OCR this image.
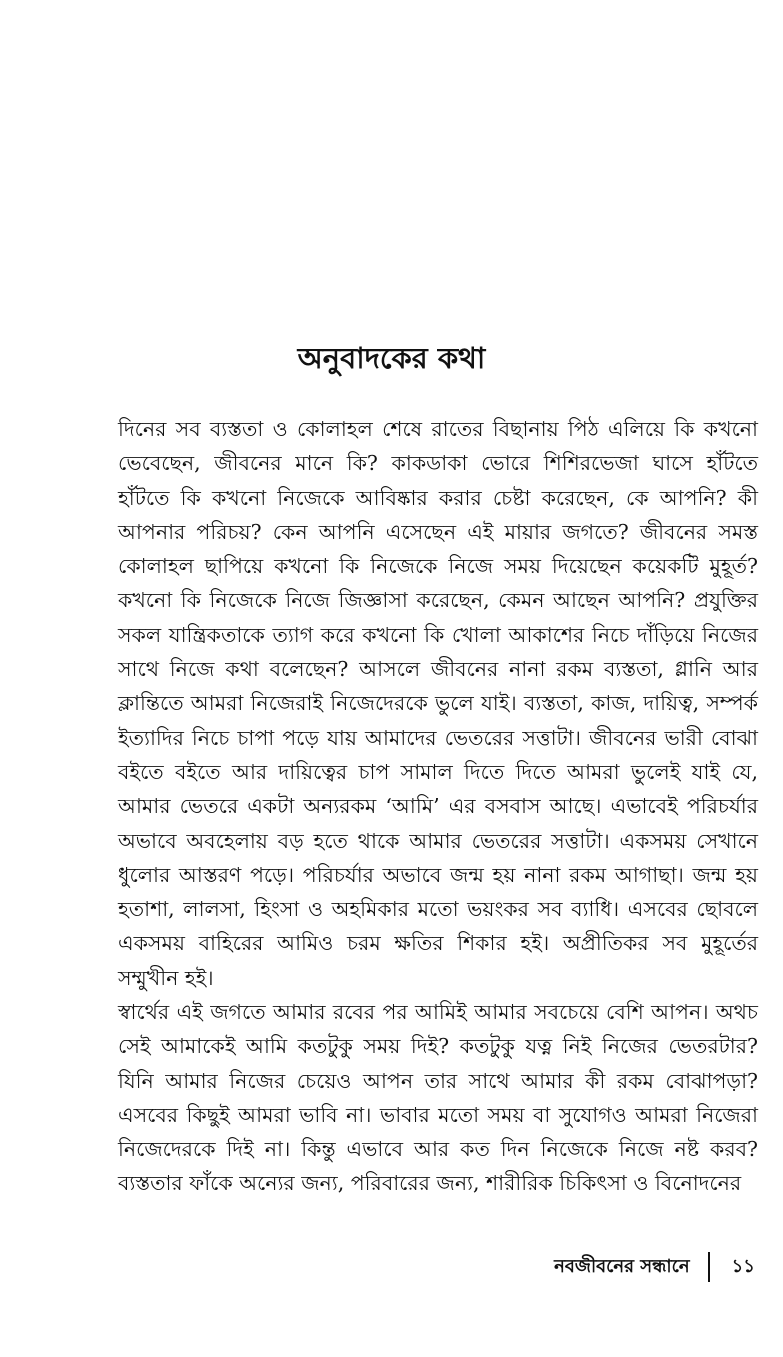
অনুবাদকের কথা

দিনের সব ব্যস্ততা ও কোলাহল শেষে রাতের বিছানায় পিঠ এলিয়ে কি কখনো ভেবেছেন, জীবনের মানে কি? কাকডাকা ভোরে শিশিরভেজা ঘাসে হাঁটতে হাঁটতে কি কখনো নিজেকে আবিষ্কার করার চেষ্টা করেছেন, কে আপনি? কী আপনার পরিচয়? কেন আপনি এসেছেন এই মায়ার জগতে? জীবনের সমস্ত কোলাহল ছাপিয়ে কখনো কি নিজেকে নিজে সময় দিয়েছেন কয়েকটি মুহূর্ত? কখনো কি নিজেকে নিজে জিজ্ঞাসা করেছেন, কেমন আছেন আপনি? প্রযুক্তির সকল যান্ত্রিকতাকে ত্যাগ করে কখনো কি খোলা আকাশের নিচে দাঁড়িয়ে নিজের সাথে নিজে কথা বলেছেন? আসলে জীবনের নানা রকম ব্যস্ততা, গ্লানি আর ক্লান্তিতে আমরা নিজেরাই নিজেদেরকে ভুলে যাই। ব্যস্ততা, কাজ, দায়িত্ব, সম্পর্ক ইত্যাদির নিচে চাপা পড়ে যায় আমাদের ভেতরের সত্তাটা। জীবনের ভারী বোঝা বইতে বইতে আর দায়িত্বের চাপ সামাল দিতে দিতে আমরা ভুলেই যাই যে, আমার ভেতরে একটা অন্যরকম ‘আমি’ এর বসবাস আছে। এভাবেই পরিচর্যার অভাবে অবহেলায় বড় হতে থাকে আমার ভেতরের সত্তাটা। একসময় সেখানে ধুলোর আস্তরণ পড়ে। পরিচর্যার অভাবে জন্ম হয় নানা রকম আগাছা। জন্ম হয় হতাশা, লালসা, হিংসা ও অহমিকার মতো ভয়ংকর সব ব্যাধি। এসবের ছোবলে একসময় বাহিরের আমিও চরম ক্ষতির শিকার হই। অপ্রীতিকর সব মুহূর্তের সম্মুখীন হই।

স্বার্থের এই জগতে আমার রবের পর আমিই আমার সবচেয়ে বেশি আপন। অথচ সেই আমাকেই আমি কতটুকু সময় দিই? কতটুকু যত্ন নিই নিজের ভেতরটার? যিনি আমার নিজের চেয়েও আপন তার সাথে আমার কী রকম বোঝাপড়া? এসবের কিছুই আমরা ভাবি না। ভাবার মতো সময় বা সুযোগও আমরা নিজেরা নিজেদেরকে দিই না। কিন্তু এভাবে আর কত দিন নিজেকে নিজে নষ্ট করব? ব্যস্ততার ফাঁকে অন্যের জন্য, পরিবারের জন্য, শারীরিক চিকিৎসা ও বিনোদনের

নবজীবনের সন্ধানে ১১
